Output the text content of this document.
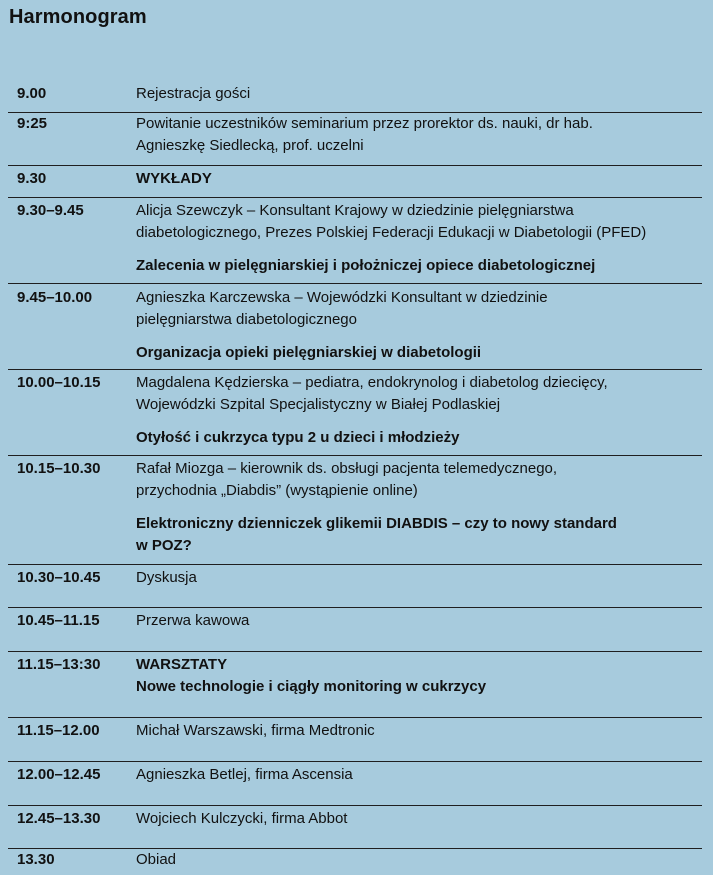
Harmonogram
9.00	Rejestracja gości
9:25	Powitanie uczestników seminarium przez prorektor ds. nauki, dr hab.
Agnieszkę Siedlecką, prof. uczelni
9.30	WYKŁADY
9.30–9.45	Alicja Szewczyk – Konsultant Krajowy w dziedzinie pielęgniarstwa
diabetologicznego, Prezes Polskiej Federacji Edukacji w Diabetologii (PFED)
Zalecenia w pielęgniarskiej i położniczej opiece diabetologicznej
9.45–10.00	Agnieszka Karczewska – Wojewódzki Konsultant w dziedzinie
pielęgniarstwa diabetologicznego
Organizacja opieki pielęgniarskiej w diabetologii
10.00–10.15	Magdalena Kędzierska – pediatra, endokrynolog i diabetolog dziecięcy,
Wojewódzki Szpital Specjalistyczny w Białej Podlaskiej
Otyłość i cukrzyca typu 2 u dzieci i młodzieży
10.15–10.30	Rafał Miozga – kierownik ds. obsługi pacjenta telemedycznego,
przychodnia „Diabdis” (wystąpienie online)
Elektroniczny dzienniczek glikemii DIABDIS – czy to nowy standard
w POZ?
10.30–10.45	Dyskusja
10.45–11.15	Przerwa kawowa
11.15–13:30	WARSZTATY
Nowe technologie i ciągły monitoring w cukrzycy
11.15–12.00	Michał Warszawski, firma Medtronic
12.00–12.45	Agnieszka Betlej, firma Ascensia
12.45–13.30	Wojciech Kulczycki, firma Abbot
13.30	Obiad
